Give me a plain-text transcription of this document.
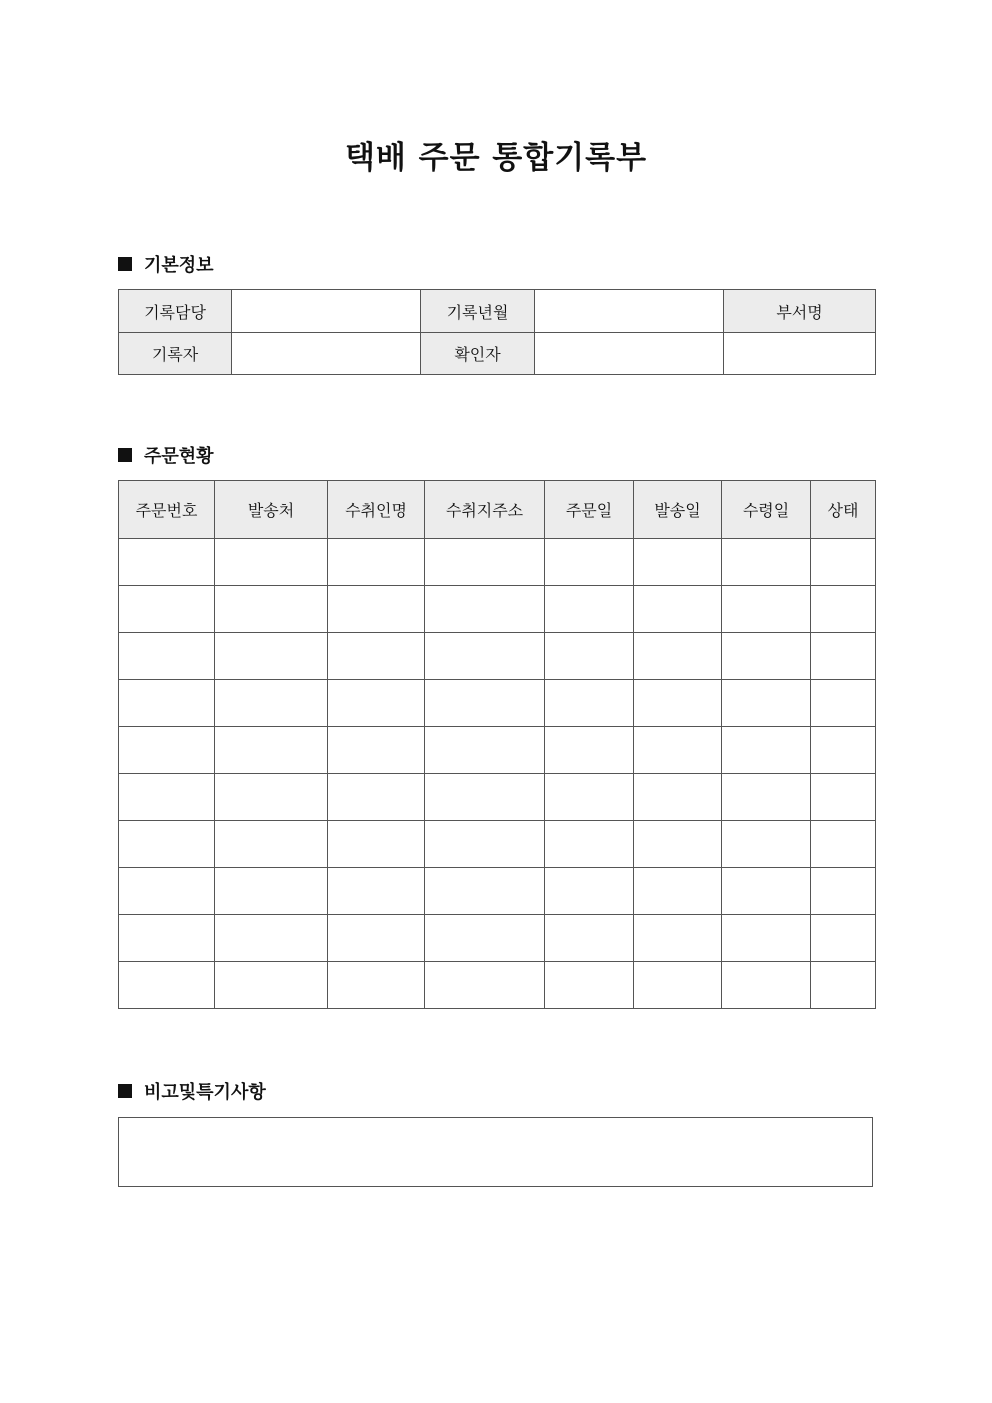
택배 주문 통합기록부
기본정보
기록담당		기록년월		부서명
기록자		확인자		
주문현황
주문번호	발송처	수취인명	수취지주소	주문일	발송일	수령일	상태

비고및특기사항
